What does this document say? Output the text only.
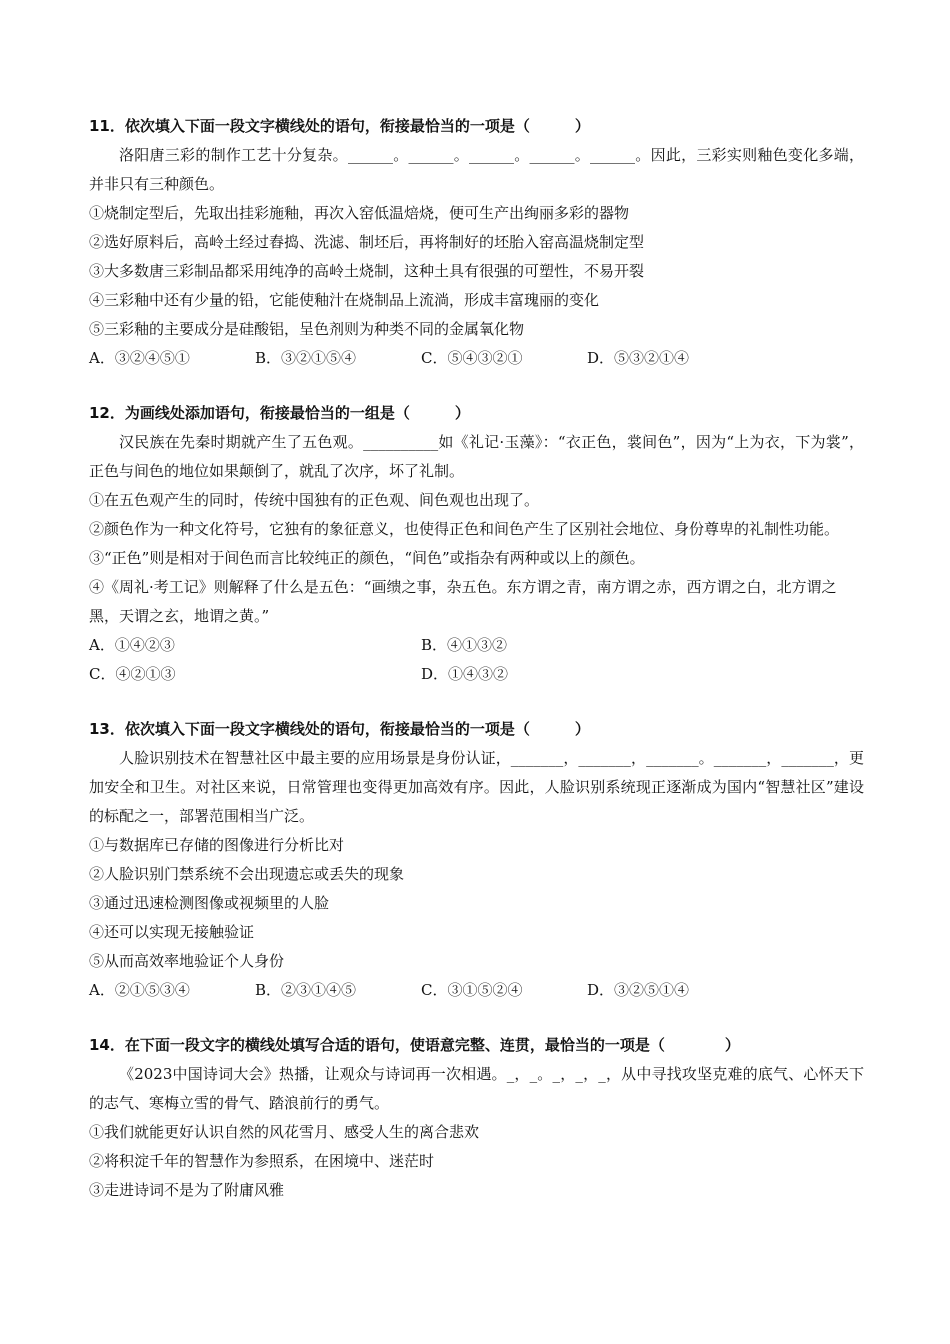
11．依次填入下面一段文字横线处的语句，衔接最恰当的一项是（　　　）
洛阳唐三彩的制作工艺十分复杂。______。______。______。______。______。因此，三彩实则釉色变化多端，并非只有三种颜色。
①烧制定型后，先取出挂彩施釉，再次入窑低温焙烧，便可生产出绚丽多彩的器物
②选好原料后，高岭土经过舂捣、洗滤、制坯后，再将制好的坯胎入窑高温烧制定型
③大多数唐三彩制品都采用纯净的高岭土烧制，这种土具有很强的可塑性，不易开裂
④三彩釉中还有少量的铅，它能使釉汁在烧制品上流淌，形成丰富瑰丽的变化
⑤三彩釉的主要成分是硅酸铝，呈色剂则为种类不同的金属氧化物
A．③②④⑤①	B．③②①⑤④	C．⑤④③②①	D．⑤③②①④
12．为画线处添加语句，衔接最恰当的一组是（　　　）
汉民族在先秦时期就产生了五色观。__________如《礼记·玉藻》：“衣正色，裳间色”，因为“上为衣，下为裳”，正色与间色的地位如果颠倒了，就乱了次序，坏了礼制。
①在五色观产生的同时，传统中国独有的正色观、间色观也出现了。
②颜色作为一种文化符号，它独有的象征意义，也使得正色和间色产生了区别社会地位、身份尊卑的礼制性功能。
③“正色”则是相对于间色而言比较纯正的颜色，“间色”或指杂有两种或以上的颜色。
④《周礼·考工记》则解释了什么是五色：“画缋之事，杂五色。东方谓之青，南方谓之赤，西方谓之白，北方谓之黑，天谓之玄，地谓之黄。”
A．①④②③	B．④①③②
C．④②①③	D．①④③②
13．依次填入下面一段文字横线处的语句，衔接最恰当的一项是（　　　）
人脸识别技术在智慧社区中最主要的应用场景是身份认证，_______，_______，_______。_______，_______，更加安全和卫生。对社区来说，日常管理也变得更加高效有序。因此，人脸识别系统现正逐渐成为国内“智慧社区”建设的标配之一，部署范围相当广泛。
①与数据库已存储的图像进行分析比对
②人脸识别门禁系统不会出现遗忘或丢失的现象
③通过迅速检测图像或视频里的人脸
④还可以实现无接触验证
⑤从而高效率地验证个人身份
A．②①⑤③④	B．②③①④⑤	C．③①⑤②④	D．③②⑤①④
14．在下面一段文字的横线处填写合适的语句，使语意完整、连贯，最恰当的一项是（　　　　）
《2023中国诗词大会》热播，让观众与诗词再一次相遇。_，_。_，_，_，从中寻找攻坚克难的底气、心怀天下的志气、寒梅立雪的骨气、踏浪前行的勇气。
①我们就能更好认识自然的风花雪月、感受人生的离合悲欢
②将积淀千年的智慧作为参照系，在困境中、迷茫时
③走进诗词不是为了附庸风雅
